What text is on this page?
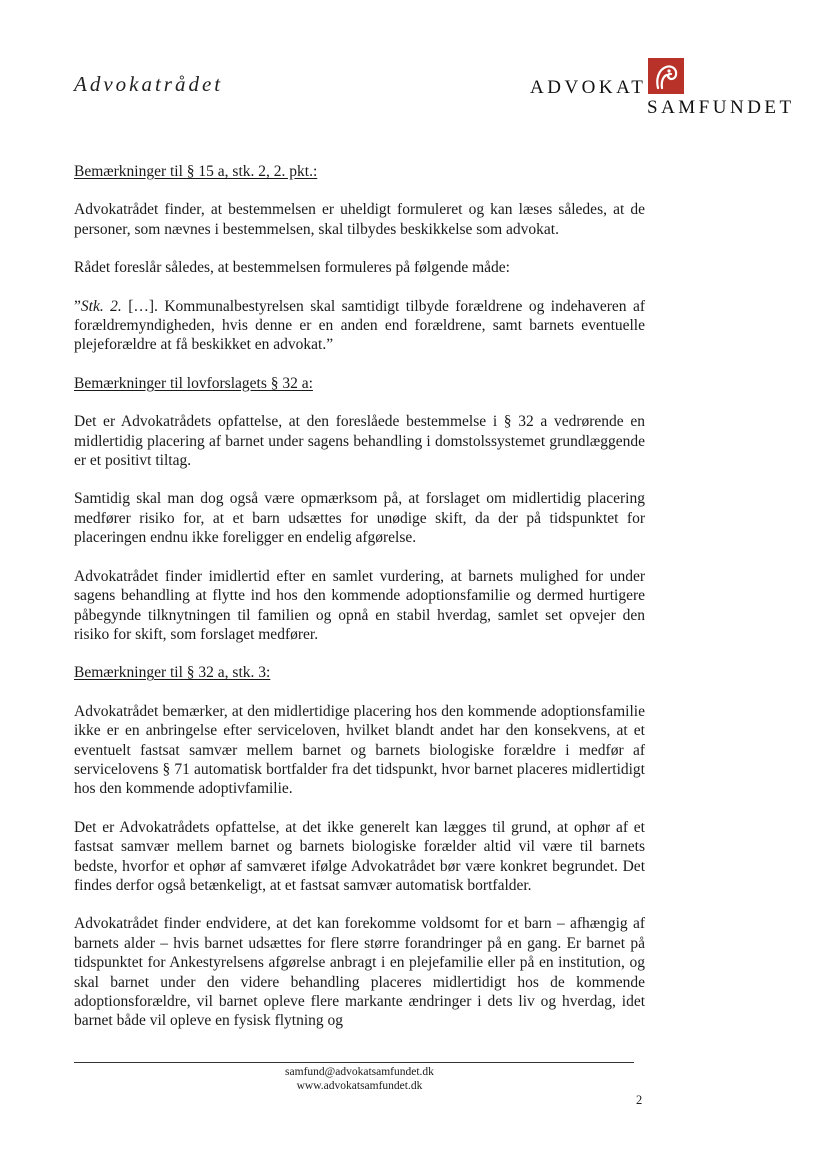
Advokatrådet	ADVOKAT
SAMFUNDET
Bemærkninger til § 15 a, stk. 2, 2. pkt.:

Advokatrådet finder, at bestemmelsen er uheldigt formuleret og kan læses således, at de personer, som nævnes i bestemmelsen, skal tilbydes beskikkelse som advokat.

Rådet foreslår således, at bestemmelsen formuleres på følgende måde:

”Stk. 2. […]. Kommunalbestyrelsen skal samtidigt tilbyde forældrene og indehaveren af forældremyndigheden, hvis denne er en anden end forældrene, samt barnets eventuelle plejeforældre at få beskikket en advokat.”

Bemærkninger til lovforslagets § 32 a:

Det er Advokatrådets opfattelse, at den foreslåede bestemmelse i § 32 a vedrørende en midlertidig placering af barnet under sagens behandling i domstolssystemet grundlæggende er et positivt tiltag.

Samtidig skal man dog også være opmærksom på, at forslaget om midlertidig placering medfører risiko for, at et barn udsættes for unødige skift, da der på tidspunktet for placeringen endnu ikke foreligger en endelig afgørelse.

Advokatrådet finder imidlertid efter en samlet vurdering, at barnets mulighed for under sagens behandling at flytte ind hos den kommende adoptionsfamilie og dermed hurtigere påbegynde tilknytningen til familien og opnå en stabil hverdag, samlet set opvejer den risiko for skift, som forslaget medfører.

Bemærkninger til § 32 a, stk. 3:

Advokatrådet bemærker, at den midlertidige placering hos den kommende adoptionsfamilie ikke er en anbringelse efter serviceloven, hvilket blandt andet har den konsekvens, at et eventuelt fastsat samvær mellem barnet og barnets biologiske forældre i medfør af servicelovens § 71 automatisk bortfalder fra det tidspunkt, hvor barnet placeres midlertidigt hos den kommende adoptivfamilie.

Det er Advokatrådets opfattelse, at det ikke generelt kan lægges til grund, at ophør af et fastsat samvær mellem barnet og barnets biologiske forælder altid vil være til barnets bedste, hvorfor et ophør af samværet ifølge Advokatrådet bør være konkret begrundet. Det findes derfor også betænkeligt, at et fastsat samvær automatisk bortfalder.

Advokatrådet finder endvidere, at det kan forekomme voldsomt for et barn – afhængig af barnets alder – hvis barnet udsættes for flere større forandringer på en gang. Er barnet på tidspunktet for Ankestyrelsens afgørelse anbragt i en plejefamilie eller på en institution, og skal barnet under den videre behandling placeres midlertidigt hos de kommende adoptionsforældre, vil barnet opleve flere markante ændringer i dets liv og hverdag, idet barnet både vil opleve en fysisk flytning og

samfund@advokatsamfundet.dk
www.advokatsamfundet.dk
2
